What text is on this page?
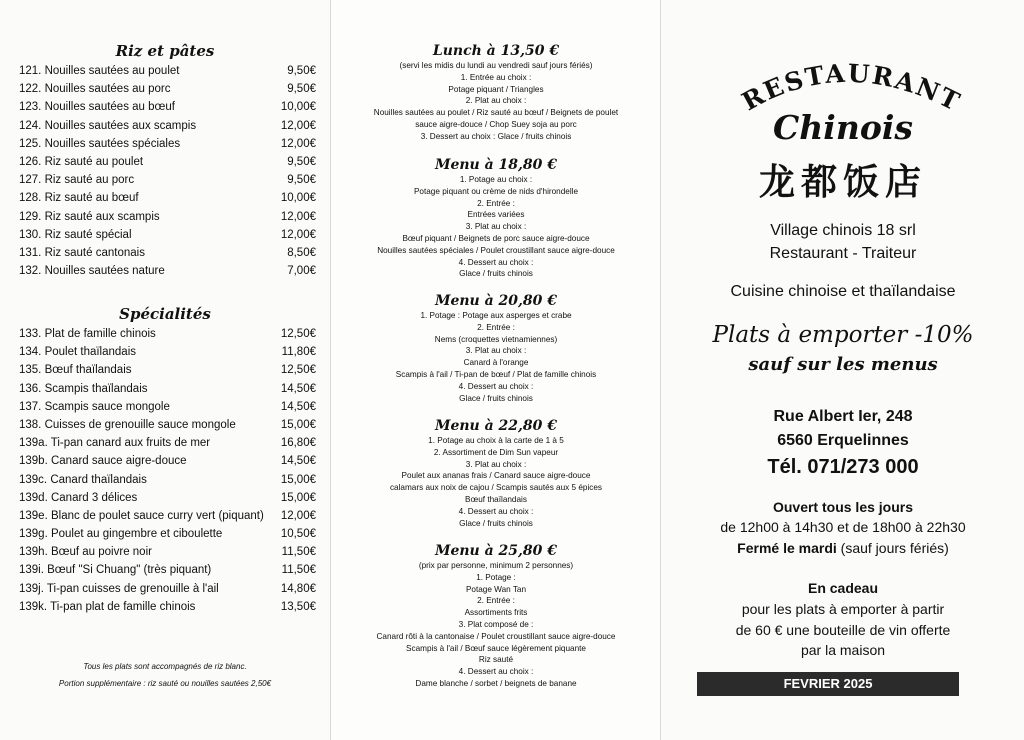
Riz et pâtes
121. Nouilles sautées au poulet	9,50€
122. Nouilles sautées au porc	9,50€
123. Nouilles sautées au bœuf	10,00€
124. Nouilles sautées aux scampis	12,00€
125. Nouilles sautées spéciales	12,00€
126. Riz sauté au poulet	9,50€
127. Riz sauté au porc	9,50€
128. Riz sauté au bœuf	10,00€
129. Riz sauté aux scampis	12,00€
130. Riz sauté spécial	12,00€
131. Riz sauté cantonais	8,50€
132. Nouilles sautées nature	7,00€
Spécialités
133. Plat de famille chinois	12,50€
134. Poulet thaïlandais	11,80€
135. Bœuf thaïlandais	12,50€
136. Scampis thaïlandais	14,50€
137. Scampis sauce mongole	14,50€
138. Cuisses de grenouille sauce mongole	15,00€
139a. Ti-pan canard aux fruits de mer	16,80€
139b. Canard sauce aigre-douce	14,50€
139c. Canard thaïlandais	15,00€
139d. Canard 3 délices	15,00€
139e. Blanc de poulet sauce curry vert (piquant) 12,00€
139g. Poulet au gingembre et ciboulette	10,50€
139h. Bœuf au poivre noir	11,50€
139i. Bœuf "Si Chuang" (très piquant)	11,50€
139j. Ti-pan cuisses de grenouille à l'ail	14,80€
139k. Ti-pan plat de famille chinois	13,50€
Tous les plats sont accompagnés de riz blanc.
Portion supplémentaire : riz sauté ou nouilles sautées 2,50€
Lunch à 13,50 €
(servi les midis du lundi au vendredi sauf jours fériés)
1. Entrée au choix :
Potage piquant / Triangles
2. Plat au choix :
Nouilles sautées au poulet / Riz sauté au bœuf / Beignets de poulet
sauce aigre-douce / Chop Suey soja au porc
3. Dessert au choix : Glace / fruits chinois
Menu à 18,80 €
1. Potage au choix :
Potage piquant ou crème de nids d'hirondelle
2. Entrée :
Entrées variées
3. Plat au choix :
Bœuf piquant / Beignets de porc sauce aigre-douce
Nouilles sautées spéciales / Poulet croustillant sauce aigre-douce
4. Dessert au choix :
Glace / fruits chinois
Menu à 20,80 €
1. Potage : Potage aux asperges et crabe
2. Entrée :
Nems (croquettes vietnamiennes)
3. Plat au choix :
Canard à l'orange
Scampis à l'ail / Ti-pan de bœuf / Plat de famille chinois
4. Dessert au choix :
Glace / fruits chinois
Menu à 22,80 €
1. Potage au choix à la carte de 1 à 5
2. Assortiment de Dim Sun vapeur
3. Plat au choix :
Poulet aux ananas frais / Canard sauce aigre-douce
calamars aux noix de cajou / Scampis sautés aux 5 épices
Bœuf thaïlandais
4. Dessert au choix :
Glace / fruits chinois
Menu à 25,80 €
(prix par personne, minimum 2 personnes)
1. Potage :
Potage Wan Tan
2. Entrée :
Assortiments frits
3. Plat composé de :
Canard rôti à la cantonaise / Poulet croustillant sauce aigre-douce
Scampis à l'ail / Bœuf sauce légèrement piquante
Riz sauté
4. Dessert au choix :
Dame blanche / sorbet / beignets de banane
RESTAURANT
Chinois
龙都饭店
Village chinois 18 srl
Restaurant - Traiteur
Cuisine chinoise et thaïlandaise
Plats à emporter -10%
sauf sur les menus
Rue Albert Ier, 248
6560 Erquelinnes
Tél. 071/273 000
Ouvert tous les jours
de 12h00 à 14h30 et de 18h00 à 22h30
Fermé le mardi (sauf jours fériés)
En cadeau
pour les plats à emporter à partir
de 60 € une bouteille de vin offerte
par la maison
FEVRIER 2025
